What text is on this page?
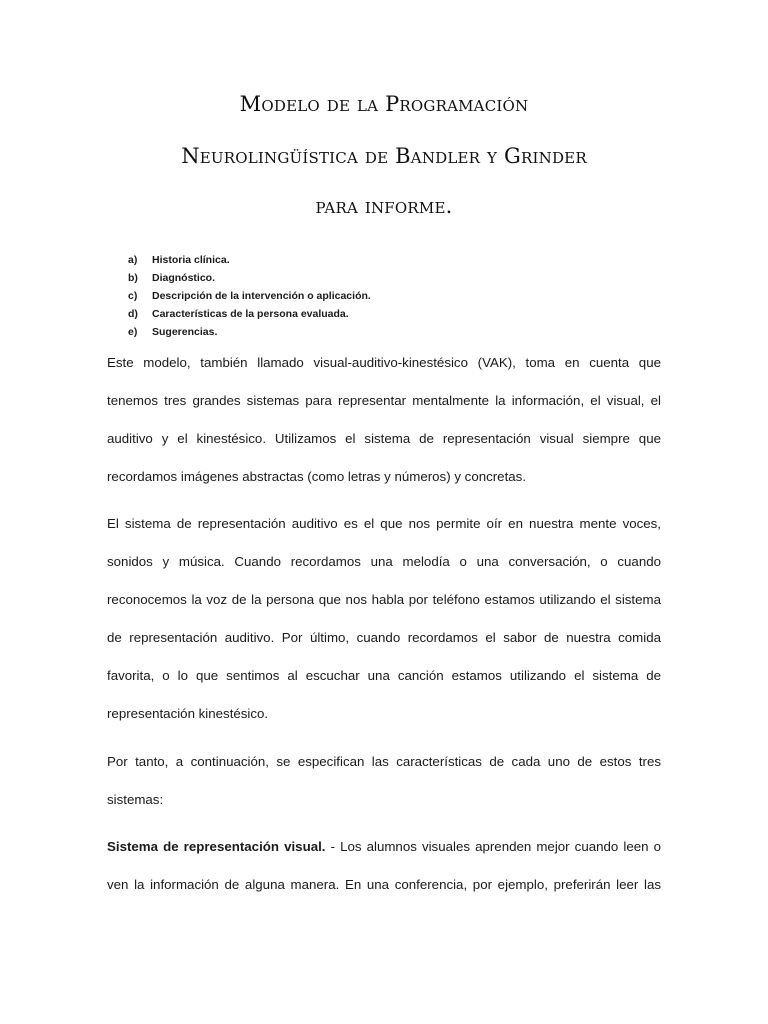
Modelo de la Programación
Neurolingüística de Bandler y Grinder
para informe.
a)	Historia clínica.
b)	Diagnóstico.
c)	Descripción de la intervención o aplicación.
d)	Características de la persona evaluada.
e)	Sugerencias.
Este modelo, también llamado visual-auditivo-kinestésico (VAK), toma en cuenta que
tenemos tres grandes sistemas para representar mentalmente la información, el visual, el
auditivo y el kinestésico. Utilizamos el sistema de representación visual siempre que
recordamos imágenes abstractas (como letras y números) y concretas.
El sistema de representación auditivo es el que nos permite oír en nuestra mente voces,
sonidos y música. Cuando recordamos una melodía o una conversación, o cuando
reconocemos la voz de la persona que nos habla por teléfono estamos utilizando el sistema
de representación auditivo. Por último, cuando recordamos el sabor de nuestra comida
favorita, o lo que sentimos al escuchar una canción estamos utilizando el sistema de
representación kinestésico.
Por tanto, a continuación, se especifican las características de cada uno de estos tres
sistemas:
Sistema de representación visual. - Los alumnos visuales aprenden mejor cuando leen o
ven la información de alguna manera. En una conferencia, por ejemplo, preferirán leer las
